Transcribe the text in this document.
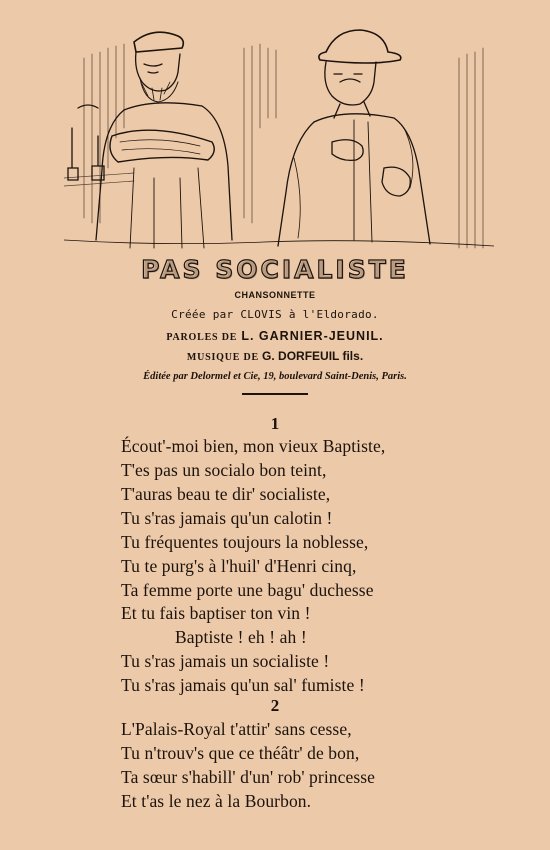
PAS SOCIALISTE
CHANSONNETTE
Créée par CLOVIS à l'Eldorado.
PAROLES DE L. GARNIER-JEUNIL.
MUSIQUE DE G. DORFEUIL fils.
Éditée par Delormel et Cie, 19, boulevard Saint-Denis, Paris.
1
Écout'-moi bien, mon vieux Baptiste,
T'es pas un socialo bon teint,
T'auras beau te dir' socialiste,
Tu s'ras jamais qu'un calotin !
Tu fréquentes toujours la noblesse,
Tu te purg's à l'huil' d'Henri cinq,
Ta femme porte une bagu' duchesse
Et tu fais baptiser ton vin !
Baptiste ! eh ! ah !
Tu s'ras jamais un socialiste !
Tu s'ras jamais qu'un sal' fumiste !
2
L'Palais-Royal t'attir' sans cesse,
Tu n'trouv's que ce théâtr' de bon,
Ta sœur s'habill' d'un' rob' princesse
Et t'as le nez à la Bourbon.
